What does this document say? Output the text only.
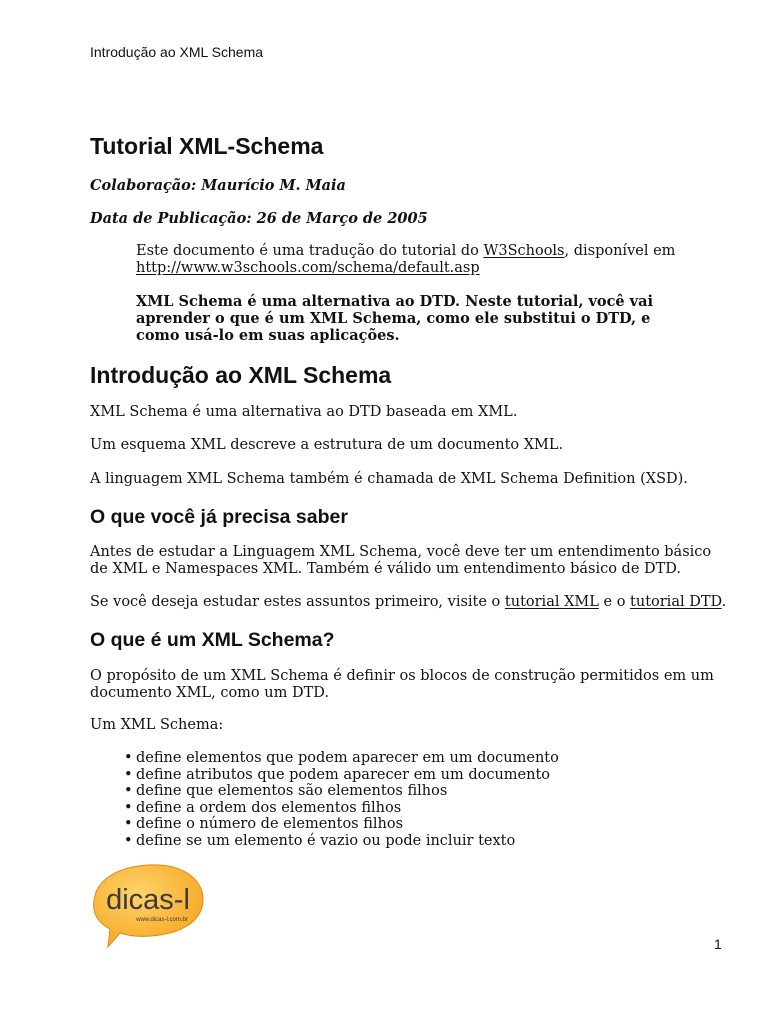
Introdução ao XML Schema
Tutorial XML-Schema
Colaboração: Maurício M. Maia
Data de Publicação: 26 de Março de 2005
Este documento é uma tradução do tutorial do W3Schools, disponível em
http://www.w3schools.com/schema/default.asp
XML Schema é uma alternativa ao DTD. Neste tutorial, você vai aprender o que é um XML Schema, como ele substitui o DTD, e como usá-lo em suas aplicações.
Introdução ao XML Schema
XML Schema é uma alternativa ao DTD baseada em XML.
Um esquema XML descreve a estrutura de um documento XML.
A linguagem XML Schema também é chamada de XML Schema Definition (XSD).
O que você já precisa saber
Antes de estudar a Linguagem XML Schema, você deve ter um entendimento básico de XML e Namespaces XML. Também é válido um entendimento básico de DTD.
Se você deseja estudar estes assuntos primeiro, visite o tutorial XML e o tutorial DTD.
O que é um XML Schema?
O propósito de um XML Schema é definir os blocos de construção permitidos em um documento XML, como um DTD.
Um XML Schema:
• define elementos que podem aparecer em um documento
• define atributos que podem aparecer em um documento
• define que elementos são elementos filhos
• define a ordem dos elementos filhos
• define o número de elementos filhos
• define se um elemento é vazio ou pode incluir texto
dicas-l
www.dicas-l.com.br
1
